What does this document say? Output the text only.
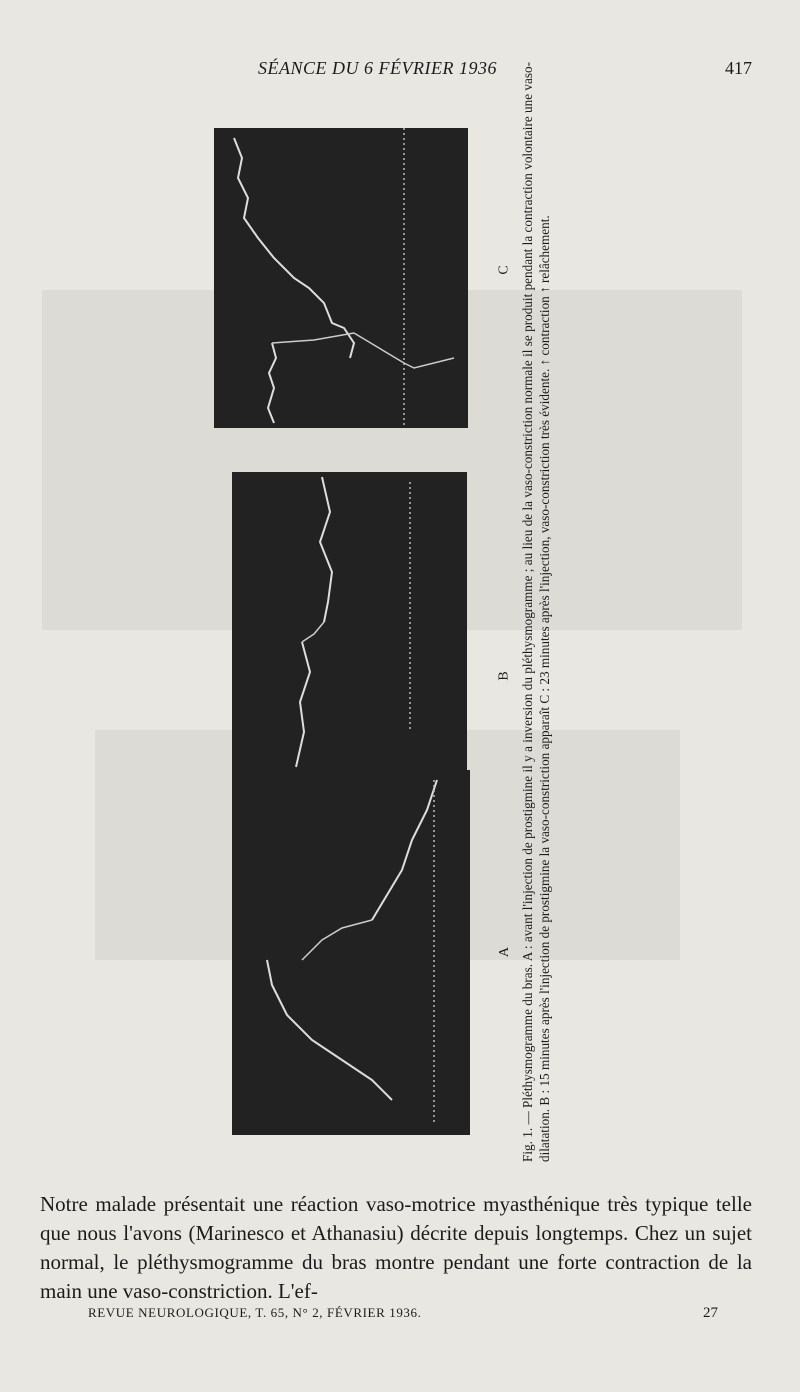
SÉANCE DU 6 FÉVRIER 1936	417
C
B
A Fig. 1. — Pléthysmogramme du bras. A : avant l'injection de prostigmine il y a inversion du pléthysmogramme ; au lieu de la vaso-constriction normale il se produit pendant la contraction volontaire une vaso-dilatation. B : 15 minutes après l'injection de prostigmine la vaso-constriction apparaît C : 23 minutes après l'injection, vaso-constriction très évidente. ↑ contraction ↑ relâchement.

Notre malade présentait une réaction vaso-motrice myasthénique très typique telle que nous l'avons (Marinesco et Athanasiu) décrite depuis longtemps. Chez un sujet normal, le pléthysmogramme du bras montre pendant une forte contraction de la main une vaso-constriction. L'ef-

REVUE NEUROLOGIQUE, T. 65, N° 2, FÉVRIER 1936.	27
